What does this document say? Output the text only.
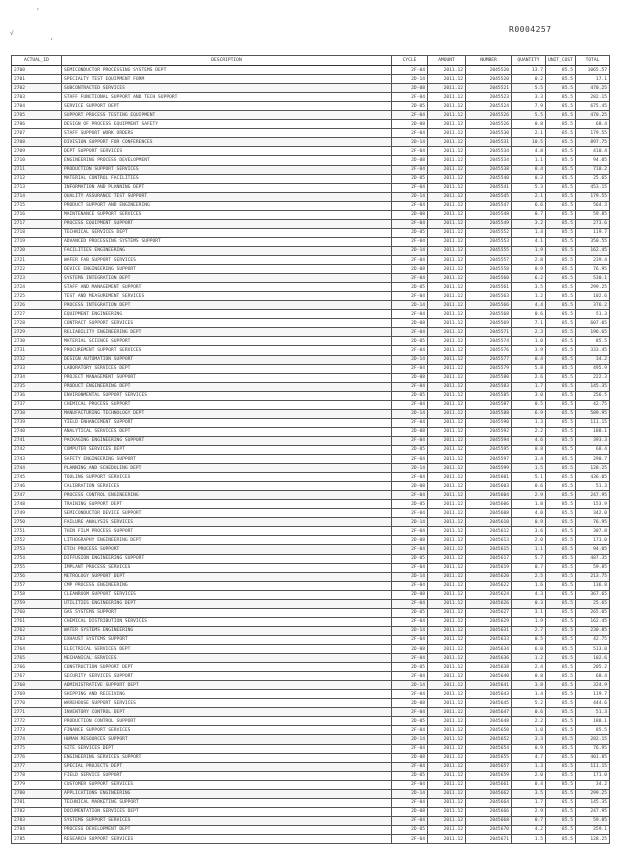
‘
√
,
R0004257
ACTUAL_ID	DESCRIPTION	CYCLE	AMOUNT	NUMBER	QUANTITY	UNIT_COST	TOTAL
2700	SEMICONDUCTOR PROCESSING SYSTEMS DEPT	2F-04	2011.12	2045520	13.7	85.5	1065.57
2701	SPECIALTY TEST EQUIPMENT FORM	2D-14	2011.12	2045520	0.2	85.5	17.1
2702	SUBCONTRACTED SERVICES	2D-08	2011.12	2045521	5.5	85.5	470.25
2703	STAFF FUNCTIONAL SUPPORT AND TECH SUPPORT	2F-04	2011.12	2045523	3.3	85.5	282.15
2704	SERVICE SUPPORT DEPT	2D-05	2011.12	2045524	7.9	85.5	675.45
2705	SUPPORT PROCESS TESTING EQUIPMENT	2F-04	2011.12	2045526	5.5	85.5	470.25
2706	DESIGN OF PROCESS EQUIPMENT SAFETY	2D-08	2011.12	2045526	0.8	85.5	68.4
2707	STAFF SUPPORT WORK ORDERS	2F-04	2011.12	2045530	2.1	85.5	179.55
2708	DIVISION SUPPORT FOR CONFERENCES	2D-14	2011.12	2045531	10.5	85.5	897.75
2709	DEPT SUPPORT SERVICES	2F-04	2011.12	2045534	4.8	85.5	410.4
2710	ENGINEERING PROCESS DEVELOPMENT	2D-08	2011.12	2045534	1.1	85.5	94.05
2711	PRODUCTION SUPPORT SERVICES	2F-04	2011.12	2045538	8.4	85.5	718.2
2712	MATERIAL CONTROL FACILITIES	2D-05	2011.12	2045540	0.3	85.5	25.65
2713	INFORMATION AND PLANNING DEPT	2F-04	2011.12	2045541	5.3	85.5	453.15
2714	QUALITY ASSURANCE TEST SUPPORT	2D-14	2011.12	2045545	2.1	85.5	179.55
2715	PRODUCT SUPPORT AND ENGINEERING	2F-04	2011.12	2045547	6.6	85.5	564.3
2716	MAINTENANCE SUPPORT SERVICES	2D-08	2011.12	2045548	0.7	85.5	59.85
2717	PROCESS EQUIPMENT SUPPORT	2F-04	2011.12	2045549	3.2	85.5	273.6
2718	TECHNICAL SERVICES DEPT	2D-05	2011.12	2045552	1.4	85.5	119.7
2719	ADVANCED PROCESSING SYSTEMS SUPPORT	2F-04	2011.12	2045553	4.1	85.5	350.55
2720	FACILITIES ENGINEERING	2D-14	2011.12	2045555	1.9	85.5	162.45
2721	WAFER FAB SUPPORT SERVICES	2F-04	2011.12	2045557	2.8	85.5	239.4
2722	DEVICE ENGINEERING SUPPORT	2D-08	2011.12	2045558	0.9	85.5	76.95
2723	SYSTEMS INTEGRATION DEPT	2F-04	2011.12	2045560	6.2	85.5	530.1
2724	STAFF AND MANAGEMENT SUPPORT	2D-05	2011.12	2045561	3.5	85.5	299.25
2725	TEST AND MEASUREMENT SERVICES	2F-04	2011.12	2045563	1.2	85.5	102.6
2726	PROCESS INTEGRATION DEPT	2D-14	2011.12	2045566	4.4	85.5	376.2
2727	EQUIPMENT ENGINEERING	2F-04	2011.12	2045568	0.6	85.5	51.3
2728	CONTRACT SUPPORT SERVICES	2D-08	2011.12	2045569	7.1	85.5	607.05
2729	RELIABILITY ENGINEERING DEPT	2F-04	2011.12	2045571	2.3	85.5	196.65
2730	MATERIAL SCIENCE SUPPORT	2D-05	2011.12	2045574	1.0	85.5	85.5
2731	PROCUREMENT SUPPORT SERVICES	2F-04	2011.12	2045576	3.9	85.5	333.45
2732	DESIGN AUTOMATION SUPPORT	2D-14	2011.12	2045577	0.4	85.5	34.2
2733	LABORATORY SERVICES DEPT	2F-04	2011.12	2045579	5.8	85.5	495.9
2734	PROJECT MANAGEMENT SUPPORT	2D-08	2011.12	2045580	2.6	85.5	222.3
2735	PRODUCT ENGINEERING DEPT	2F-04	2011.12	2045583	1.7	85.5	145.35
2736	ENVIRONMENTAL SUPPORT SERVICES	2D-05	2011.12	2045585	3.0	85.5	256.5
2737	CHEMICAL PROCESS SUPPORT	2F-04	2011.12	2045587	0.5	85.5	42.75
2738	MANUFACTURING TECHNOLOGY DEPT	2D-14	2011.12	2045588	6.9	85.5	589.95
2739	YIELD ENHANCEMENT SUPPORT	2F-04	2011.12	2045590	1.3	85.5	111.15
2740	ANALYTICAL SERVICES DEPT	2D-08	2011.12	2045592	2.2	85.5	188.1
2741	PACKAGING ENGINEERING SUPPORT	2F-04	2011.12	2045594	4.6	85.5	393.3
2742	COMPUTER SERVICES DEPT	2D-05	2011.12	2045595	0.8	85.5	68.4
2743	SAFETY ENGINEERING SUPPORT	2F-04	2011.12	2045597	3.4	85.5	290.7
2744	PLANNING AND SCHEDULING DEPT	2D-14	2011.12	2045599	1.5	85.5	128.25
2745	TOOLING SUPPORT SERVICES	2F-04	2011.12	2045601	5.1	85.5	436.05
2746	CALIBRATION SERVICES	2D-08	2011.12	2045603	0.6	85.5	51.3
2747	PROCESS CONTROL ENGINEERING	2F-04	2011.12	2045604	2.9	85.5	247.95
2748	TRAINING SUPPORT DEPT	2D-05	2011.12	2045606	1.8	85.5	153.9
2749	SEMICONDUCTOR DEVICE SUPPORT	2F-04	2011.12	2045608	4.0	85.5	342.0
2750	FAILURE ANALYSIS SERVICES	2D-14	2011.12	2045610	0.9	85.5	76.95
2751	THIN FILM PROCESS SUPPORT	2F-04	2011.12	2045612	3.6	85.5	307.8
2752	LITHOGRAPHY ENGINEERING DEPT	2D-08	2011.12	2045613	2.0	85.5	171.0
2753	ETCH PROCESS SUPPORT	2F-04	2011.12	2045615	1.1	85.5	94.05
2754	DIFFUSION ENGINEERING SUPPORT	2D-05	2011.12	2045617	5.7	85.5	487.35
2755	IMPLANT PROCESS SERVICES	2F-04	2011.12	2045619	0.7	85.5	59.85
2756	METROLOGY SUPPORT DEPT	2D-14	2011.12	2045620	2.5	85.5	213.75
2757	CMP PROCESS ENGINEERING	2F-04	2011.12	2045622	1.6	85.5	136.8
2758	CLEANROOM SUPPORT SERVICES	2D-08	2011.12	2045624	4.3	85.5	367.65
2759	UTILITIES ENGINEERING DEPT	2F-04	2011.12	2045626	0.3	85.5	25.65
2760	GAS SYSTEMS SUPPORT	2D-05	2011.12	2045627	3.1	85.5	265.05
2761	CHEMICAL DISTRIBUTION SERVICES	2F-04	2011.12	2045629	1.9	85.5	162.45
2762	WATER SYSTEMS ENGINEERING	2D-14	2011.12	2045631	2.7	85.5	230.85
2763	EXHAUST SYSTEMS SUPPORT	2F-04	2011.12	2045633	0.5	85.5	42.75
2764	ELECTRICAL SERVICES DEPT	2D-08	2011.12	2045634	6.0	85.5	513.0
2765	MECHANICAL SERVICES	2F-04	2011.12	2045636	1.2	85.5	102.6
2766	CONSTRUCTION SUPPORT DEPT	2D-05	2011.12	2045638	2.4	85.5	205.2
2767	SECURITY SERVICES SUPPORT	2F-04	2011.12	2045640	0.8	85.5	68.4
2768	ADMINISTRATIVE SUPPORT DEPT	2D-14	2011.12	2045641	3.8	85.5	324.9
2769	SHIPPING AND RECEIVING	2F-04	2011.12	2045643	1.4	85.5	119.7
2770	WAREHOUSE SUPPORT SERVICES	2D-08	2011.12	2045645	5.2	85.5	444.6
2771	INVENTORY CONTROL DEPT	2F-04	2011.12	2045647	0.6	85.5	51.3
2772	PRODUCTION CONTROL SUPPORT	2D-05	2011.12	2045648	2.2	85.5	188.1
2773	FINANCE SUPPORT SERVICES	2F-04	2011.12	2045650	1.0	85.5	85.5
2774	HUMAN RESOURCES SUPPORT	2D-14	2011.12	2045652	3.3	85.5	282.15
2775	SITE SERVICES DEPT	2F-04	2011.12	2045654	0.9	85.5	76.95
2776	ENGINEERING SERVICES SUPPORT	2D-08	2011.12	2045655	4.7	85.5	401.85
2777	SPECIAL PROJECTS DEPT	2F-04	2011.12	2045657	1.3	85.5	111.15
2778	FIELD SERVICE SUPPORT	2D-05	2011.12	2045659	2.0	85.5	171.0
2779	CUSTOMER SUPPORT SERVICES	2F-04	2011.12	2045661	0.4	85.5	34.2
2780	APPLICATIONS ENGINEERING	2D-14	2011.12	2045662	3.5	85.5	299.25
2781	TECHNICAL MARKETING SUPPORT	2F-04	2011.12	2045664	1.7	85.5	145.35
2782	DOCUMENTATION SERVICES DEPT	2D-08	2011.12	2045666	2.9	85.5	247.95
2783	SYSTEMS SUPPORT SERVICES	2F-04	2011.12	2045668	0.7	85.5	59.85
2784	PROCESS DEVELOPMENT DEPT	2D-05	2011.12	2045670	4.2	85.5	359.1
2785	RESEARCH SUPPORT SERVICES	2F-04	2011.12	2045671	1.5	85.5	128.25
